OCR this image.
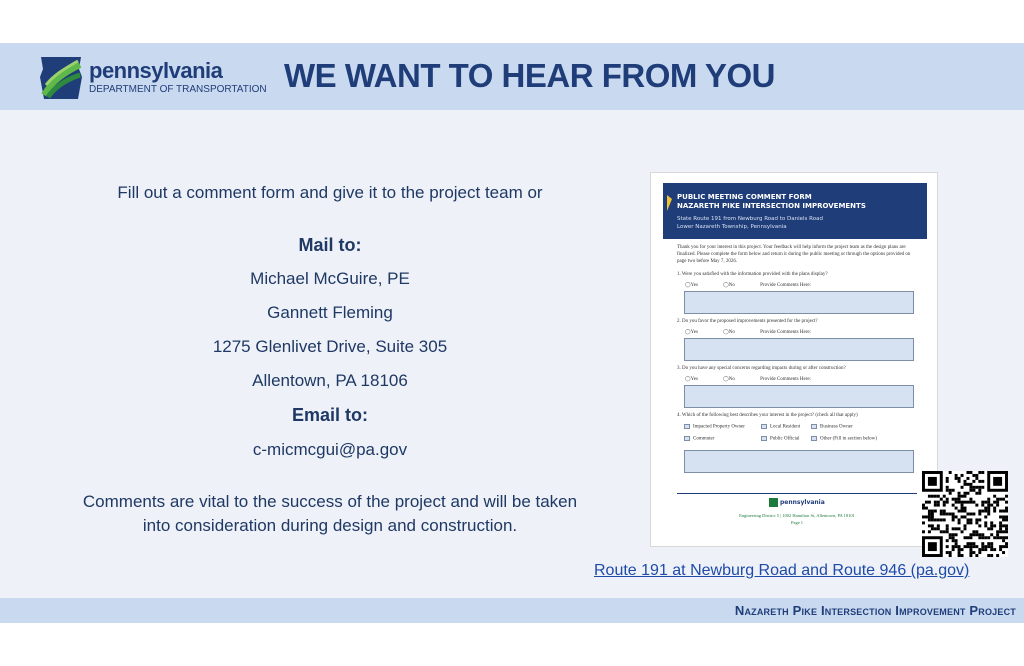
pennsylvania
DEPARTMENT OF TRANSPORTATION WE WANT TO HEAR FROM YOU
Fill out a comment form and give it to the project team or
Mail to:
Michael McGuire, PE
Gannett Fleming
1275 Glenlivet Drive, Suite 305
Allentown, PA 18106
Email to:
c-micmcgui@pa.gov
Comments are vital to the success of the project and will be taken
into consideration during design and construction.
PUBLIC MEETING COMMENT FORM
NAZARETH PIKE INTERSECTION IMPROVEMENTS
State Route 191 from Newburg Road to Daniels Road
Lower Nazareth Township, Pennsylvania
Thank you for your interest in this project. Your feedback will help inform the project team as the design plans are finalized. Please complete the form below and return it during the public meeting or through the options provided on page two before May 7, 2026.
1. Were you satisfied with the information provided with the plans display?
◯Yes	◯No	Provide Comments Here:
2. Do you favor the proposed improvements presented for the project?
◯Yes	◯No	Provide Comments Here:
3. Do you have any special concerns regarding impacts during or after construction?
◯Yes	◯No	Provide Comments Here:
4. Which of the following best describes your interest in the project? (check all that apply)
Impacted Property Owner	Local Resident	Business Owner
Commuter	Public Official	Other (Fill in section below)
pennsylvania
Engineering District 5 | 1002 Hamilton St, Allentown, PA 18101
Page 1
Route 191 at Newburg Road and Route 946 (pa.gov)
Nazareth Pike Intersection Improvement Project
